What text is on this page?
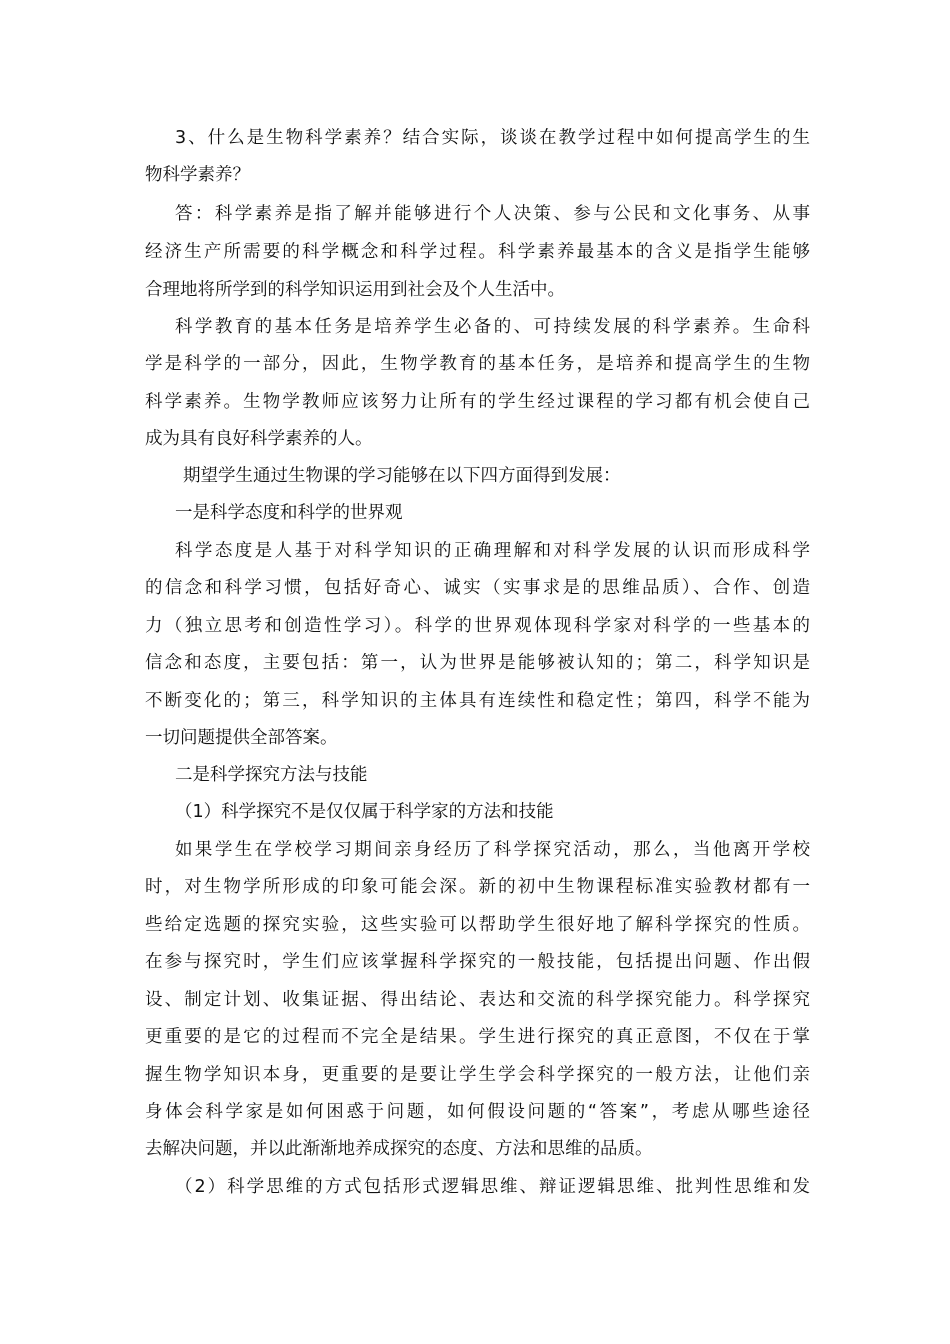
3、什么是生物科学素养？结合实际，谈谈在教学过程中如何提高学生的生
物科学素养？
答：科学素养是指了解并能够进行个人决策、参与公民和文化事务、从事
经济生产所需要的科学概念和科学过程。科学素养最基本的含义是指学生能够
合理地将所学到的科学知识运用到社会及个人生活中。
科学教育的基本任务是培养学生必备的、可持续发展的科学素养。生命科
学是科学的一部分，因此，生物学教育的基本任务，是培养和提高学生的生物
科学素养。生物学教师应该努力让所有的学生经过课程的学习都有机会使自己
成为具有良好科学素养的人。
期望学生通过生物课的学习能够在以下四方面得到发展：
一是科学态度和科学的世界观
科学态度是人基于对科学知识的正确理解和对科学发展的认识而形成科学
的信念和科学习惯，包括好奇心、诚实（实事求是的思维品质）、合作、创造
力（独立思考和创造性学习）。科学的世界观体现科学家对科学的一些基本的
信念和态度，主要包括：第一，认为世界是能够被认知的；第二，科学知识是
不断变化的；第三，科学知识的主体具有连续性和稳定性；第四，科学不能为
一切问题提供全部答案。
二是科学探究方法与技能
（1）科学探究不是仅仅属于科学家的方法和技能
如果学生在学校学习期间亲身经历了科学探究活动，那么，当他离开学校
时，对生物学所形成的印象可能会深。新的初中生物课程标准实验教材都有一
些给定选题的探究实验，这些实验可以帮助学生很好地了解科学探究的性质。
在参与探究时，学生们应该掌握科学探究的一般技能，包括提出问题、作出假
设、制定计划、收集证据、得出结论、表达和交流的科学探究能力。科学探究
更重要的是它的过程而不完全是结果。学生进行探究的真正意图，不仅在于掌
握生物学知识本身，更重要的是要让学生学会科学探究的一般方法，让他们亲
身体会科学家是如何困惑于问题，如何假设问题的“答案”，考虑从哪些途径
去解决问题，并以此渐渐地养成探究的态度、方法和思维的品质。
（2）科学思维的方式包括形式逻辑思维、辩证逻辑思维、批判性思维和发
